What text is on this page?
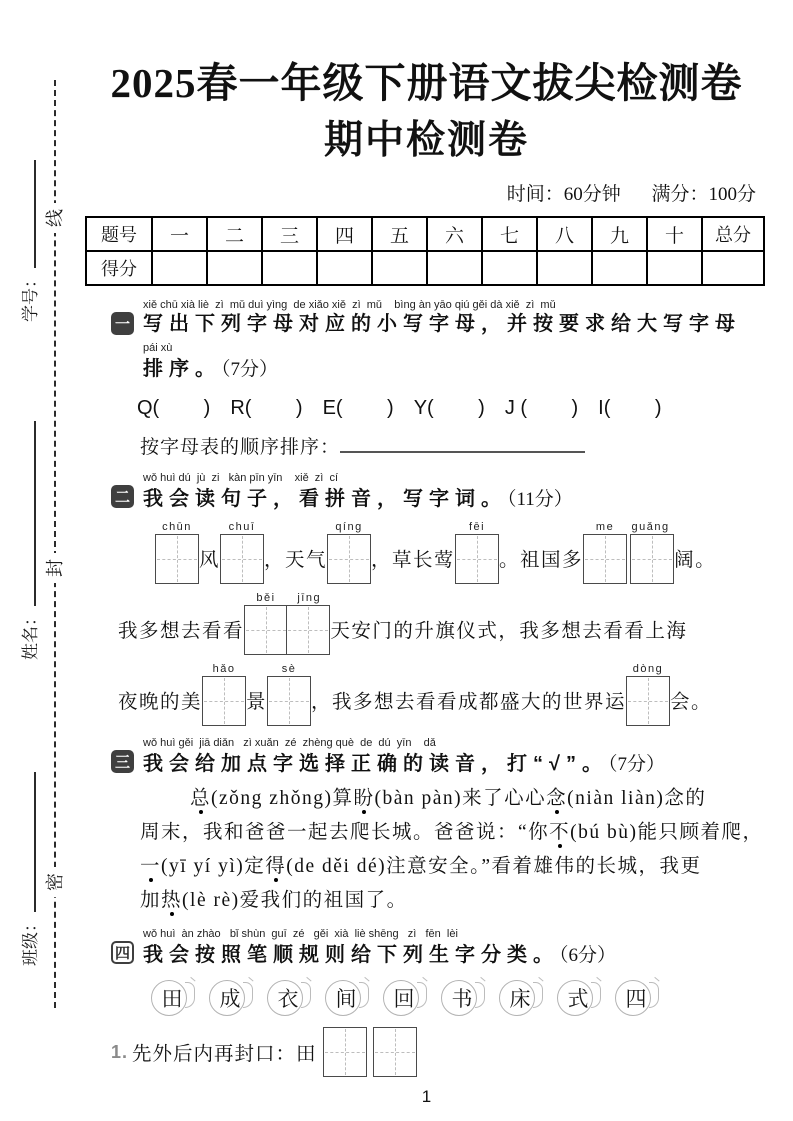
线
封
密
学号：
姓名：
班级：
2025春一年级下册语文拔尖检测卷
期中检测卷
时间：60分钟 满分：100分
题号	一	二	三	四	五	六	七	八	九	十	总分
得分											
一
xiě chū xià liè  zì  mǔ duì yìng  de xiǎo xiě  zì  mǔ    bìng àn yāo qiú gěi dà xiě  zì  mǔ
写出下列字母对应的小写字母，并按要求给大写字母
pái xù
排序。（7分）
Q(        ) R(        ) E(        ) Y(        ) J (        ) I(        )
按字母表的顺序排序：
二
wǒ huì dú  jù  zi   kàn pīn yīn    xiě  zì  cí
我会读句子，看拼音，写字词。（11分）
chūn
风
chuī
，天气
qíng
，草长莺
fēi
。祖国多
me guǎng
阔。
我多想去看看
běi jīng
天安门的升旗仪式，我多想去看看上海
夜晚的美
hǎo
景
sè
，我多想去看看成都盛大的世界运
dòng
会。
三
wǒ huì gěi  jiā diǎn   zì xuǎn  zé  zhèng què  de  dú  yīn    dǎ
我会给加点字选择正确的读音，打“√”。（7分）
总(zǒng zhǒng)算盼(bàn pàn)来了心心念(niàn liàn)念的
周末，我和爸爸一起去爬长城。爸爸说：“你不(bú bù)能只顾着爬，
一(yī yí yì)定得(de děi dé)注意安全。”看着雄伟的长城，我更
加热(lè rè)爱我们的祖国了。
四
wǒ huì  àn zhào   bǐ shùn  guī  zé   gěi  xià  liè shēng   zì   fēn  lèi
我会按照笔顺规则给下列生字分类。（6分）
田 成 衣 间 回 书 床 式 四
1. 先外后内再封口：田
1
